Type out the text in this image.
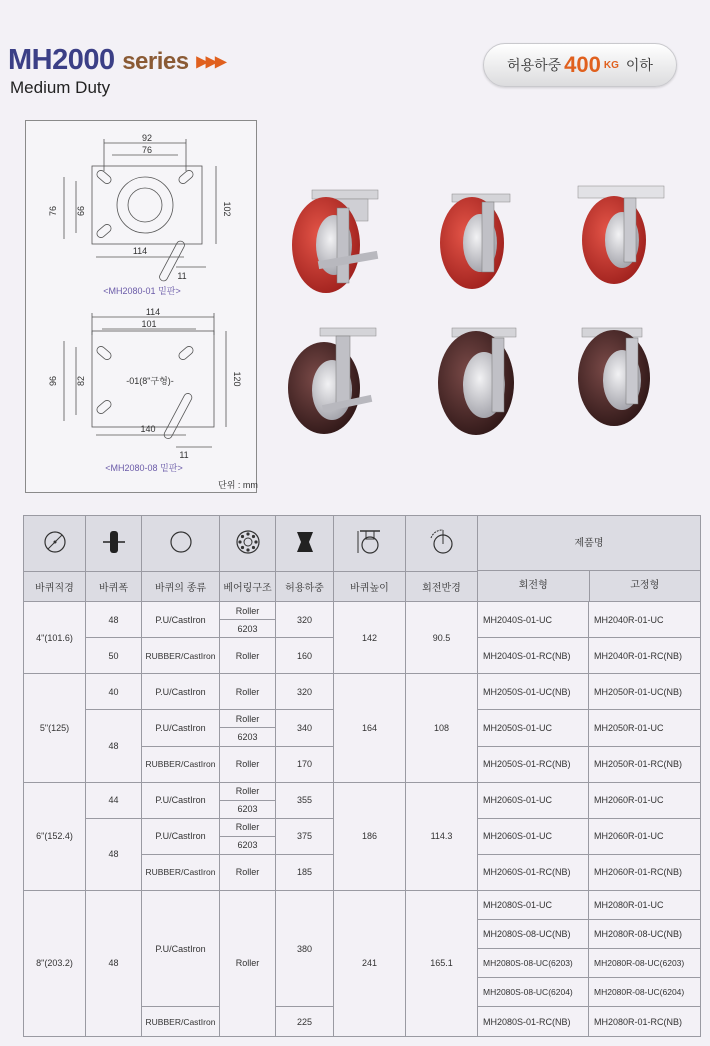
MH2000 series ▶▶▶
Medium Duty
허용하중 400 KG 이하
92
76
76 66	102
114
11
<MH2080-01 밑판>
114
101
96 82	120
-01(8"구형)-
140
11
<MH2080-08 밑판>
단위 : mm

제품명
회전형 고정형	

바퀴직경	바퀴폭	바퀴의 종류	베어링구조	허용하중	바퀴높이	회전반경		
4"(101.6)	48	P.U/CastIron	Roller	320	142	90.5	MH2040S-01-UC	MH2040R-01-UC
			6203					
	50	RUBBER/CastIron	Roller	160			MH2040S-01-RC(NB)	MH2040R-01-RC(NB)

5"(125)	40	P.U/CastIron	Roller	320	164	108	MH2050S-01-UC(NB)	MH2050R-01-UC(NB)
	48	P.U/CastIron	Roller	340			MH2050S-01-UC	MH2050R-01-UC
			6203					
		RUBBER/CastIron	Roller	170			MH2050S-01-RC(NB)	MH2050R-01-RC(NB)
6"(152.4)	44	P.U/CastIron	Roller	355	186	114.3	MH2060S-01-UC	MH2060R-01-UC
			6203					
	48	P.U/CastIron	Roller	375			MH2060S-01-UC	MH2060R-01-UC
			6203					
		RUBBER/CastIron	Roller	185			MH2060S-01-RC(NB)	MH2060R-01-RC(NB)
8"(203.2)	48	P.U/CastIron	Roller	380	241	165.1	MH2080S-01-UC	MH2080R-01-UC
							MH2080S-08-UC(NB)	MH2080R-08-UC(NB)
							MH2080S-08-UC(6203)	MH2080R-08-UC(6203)
							MH2080S-08-UC(6204)	MH2080R-08-UC(6204)
		RUBBER/CastIron		225			MH2080S-01-RC(NB)	MH2080R-01-RC(NB)
